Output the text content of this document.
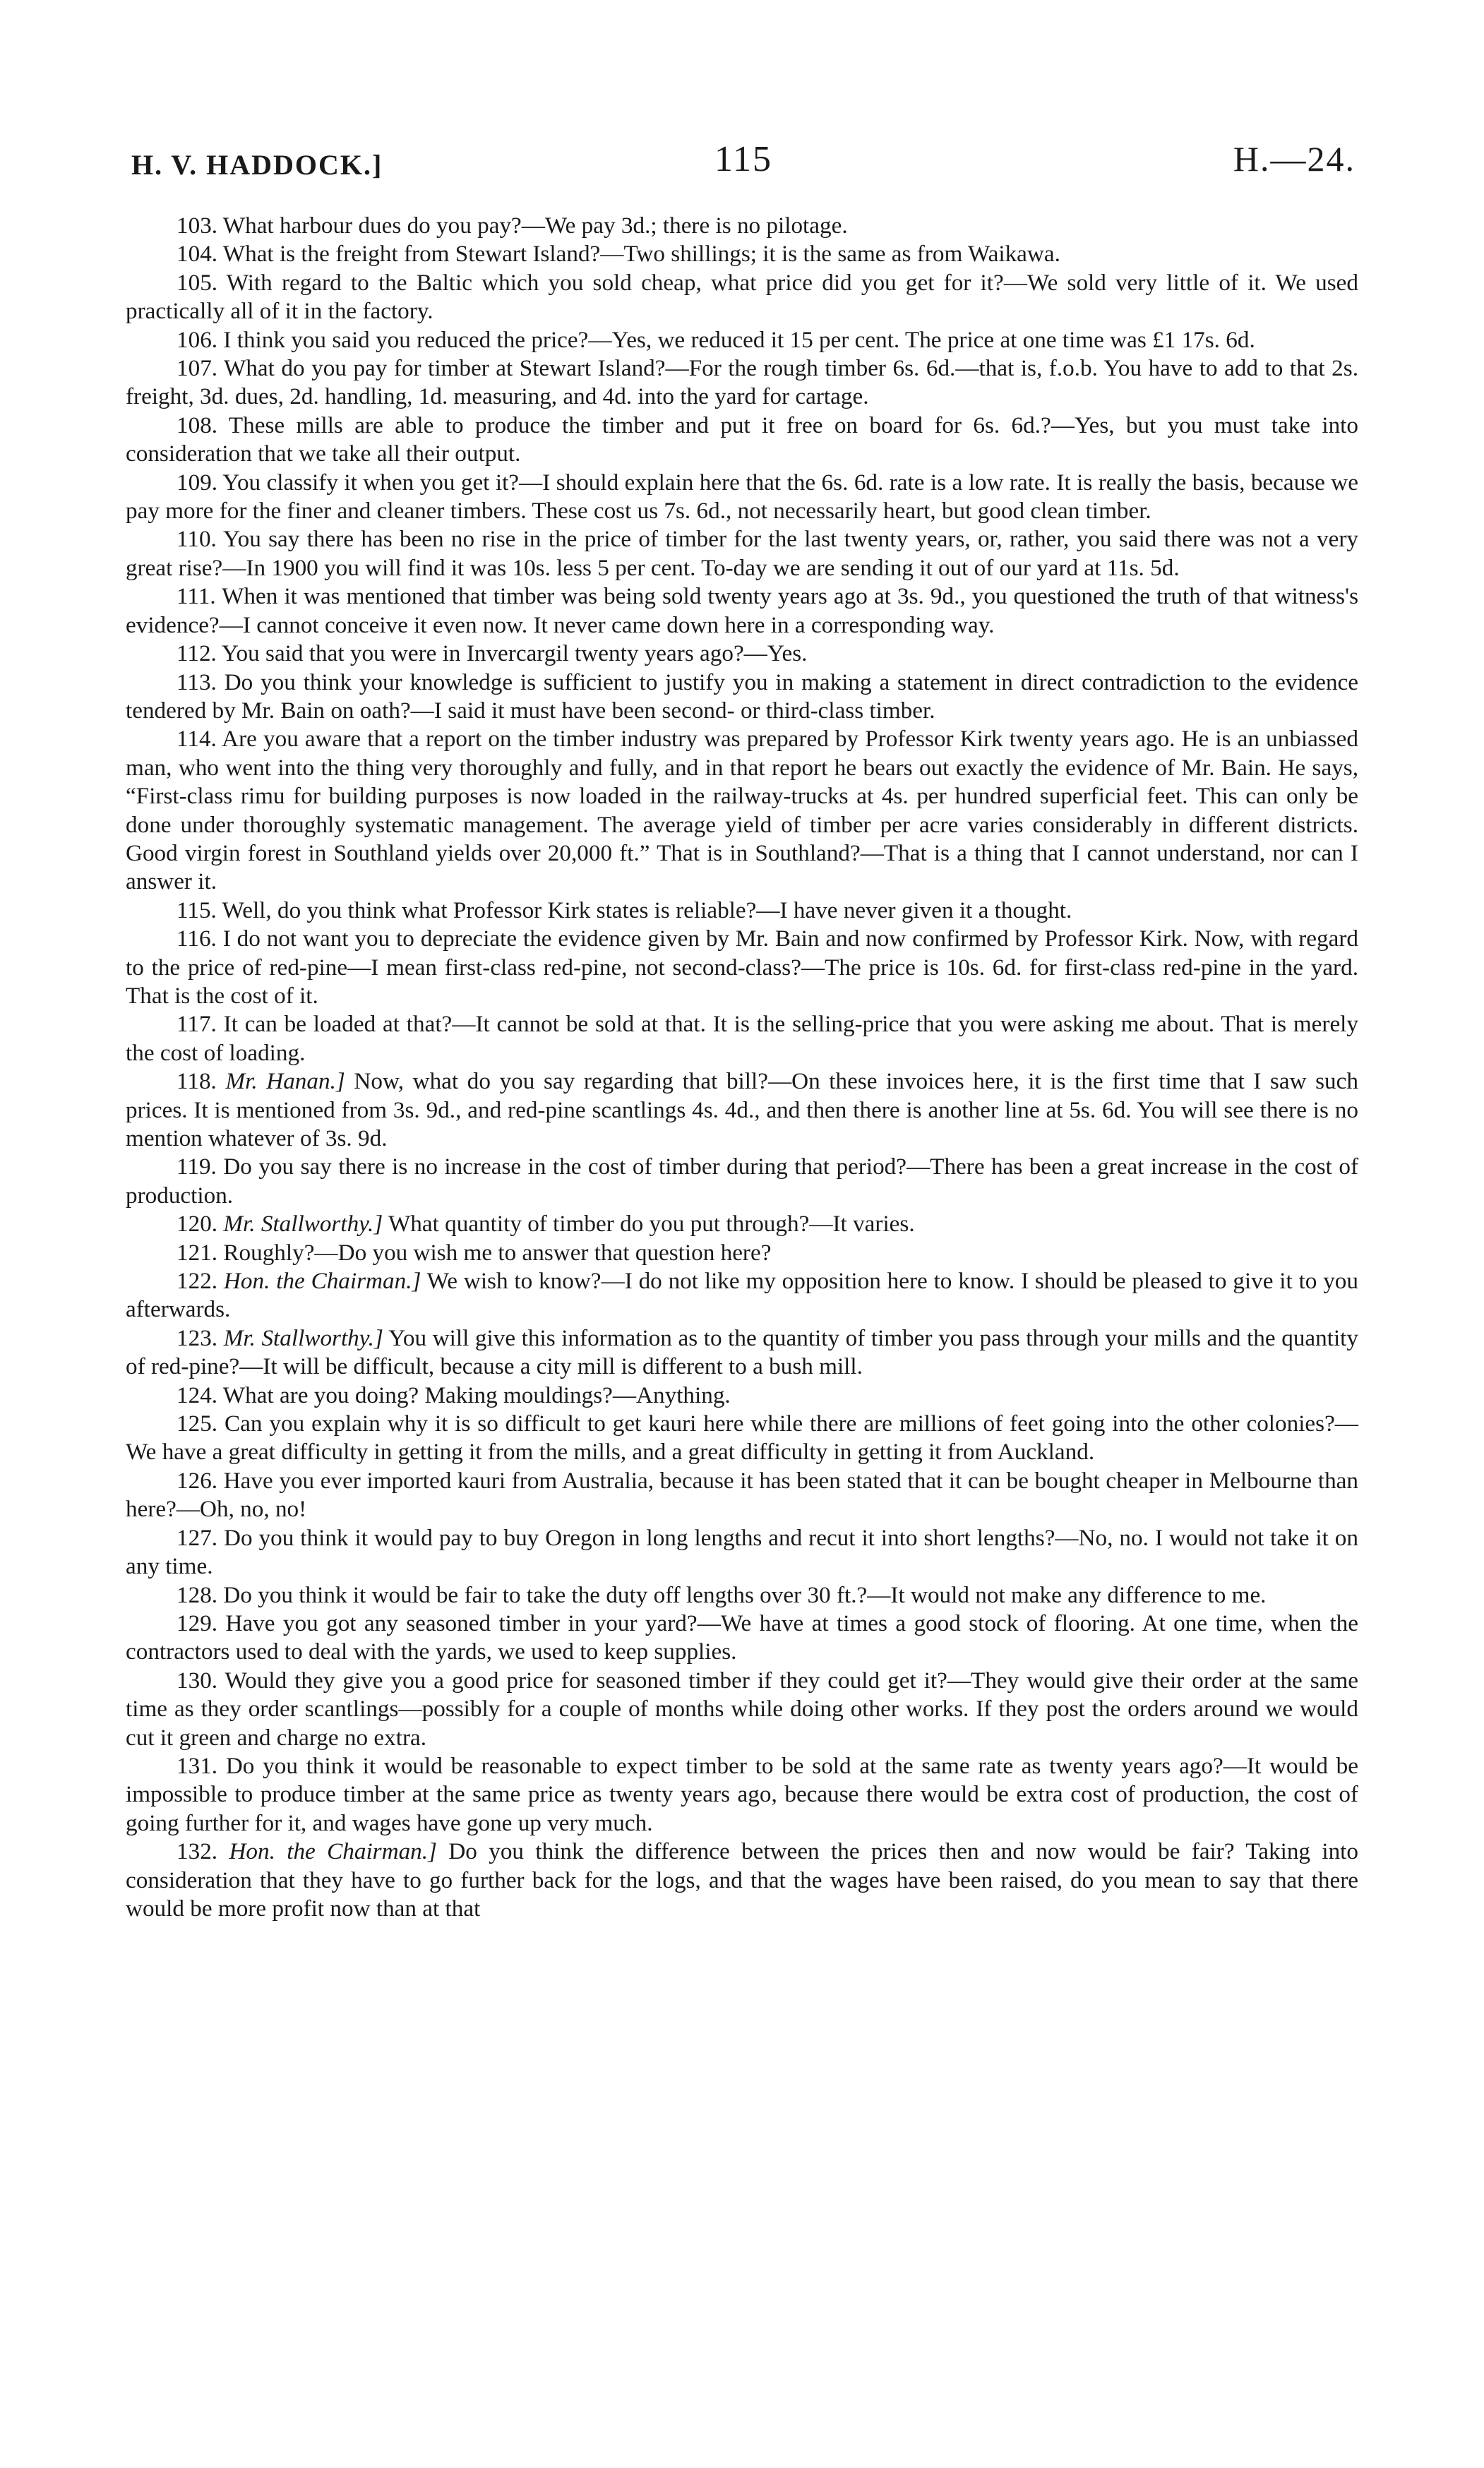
H. V. HADDOCK.]	115	H.—24.

103. What harbour dues do you pay?—We pay 3d.; there is no pilotage.

104. What is the freight from Stewart Island?—Two shillings; it is the same as from Waikawa.

105. With regard to the Baltic which you sold cheap, what price did you get for it?—We sold very little of it. We used practically all of it in the factory.

106. I think you said you reduced the price?—Yes, we reduced it 15 per cent. The price at one time was £1 17s. 6d.

107. What do you pay for timber at Stewart Island?—For the rough timber 6s. 6d.—that is, f.o.b. You have to add to that 2s. freight, 3d. dues, 2d. handling, 1d. measuring, and 4d. into the yard for cartage.

108. These mills are able to produce the timber and put it free on board for 6s. 6d.?—Yes, but you must take into consideration that we take all their output.

109. You classify it when you get it?—I should explain here that the 6s. 6d. rate is a low rate. It is really the basis, because we pay more for the finer and cleaner timbers. These cost us 7s. 6d., not necessarily heart, but good clean timber.

110. You say there has been no rise in the price of timber for the last twenty years, or, rather, you said there was not a very great rise?—In 1900 you will find it was 10s. less 5 per cent. To-day we are sending it out of our yard at 11s. 5d.

111. When it was mentioned that timber was being sold twenty years ago at 3s. 9d., you questioned the truth of that witness's evidence?—I cannot conceive it even now. It never came down here in a corresponding way.

112. You said that you were in Invercargil twenty years ago?—Yes.

113. Do you think your knowledge is sufficient to justify you in making a statement in direct contradiction to the evidence tendered by Mr. Bain on oath?—I said it must have been second- or third-class timber.

114. Are you aware that a report on the timber industry was prepared by Professor Kirk twenty years ago. He is an unbiassed man, who went into the thing very thoroughly and fully, and in that report he bears out exactly the evidence of Mr. Bain. He says, “First-class rimu for building purposes is now loaded in the railway-trucks at 4s. per hundred superficial feet. This can only be done under thoroughly systematic management. The average yield of timber per acre varies considerably in different districts. Good virgin forest in Southland yields over 20,000 ft.” That is in Southland?—That is a thing that I cannot understand, nor can I answer it.

115. Well, do you think what Professor Kirk states is reliable?—I have never given it a thought.

116. I do not want you to depreciate the evidence given by Mr. Bain and now confirmed by Professor Kirk. Now, with regard to the price of red-pine—I mean first-class red-pine, not second-class?—The price is 10s. 6d. for first-class red-pine in the yard. That is the cost of it.

117. It can be loaded at that?—It cannot be sold at that. It is the selling-price that you were asking me about. That is merely the cost of loading.

118. Mr. Hanan.] Now, what do you say regarding that bill?—On these invoices here, it is the first time that I saw such prices. It is mentioned from 3s. 9d., and red-pine scantlings 4s. 4d., and then there is another line at 5s. 6d. You will see there is no mention whatever of 3s. 9d.

119. Do you say there is no increase in the cost of timber during that period?—There has been a great increase in the cost of production.

120. Mr. Stallworthy.] What quantity of timber do you put through?—It varies.

121. Roughly?—Do you wish me to answer that question here?

122. Hon. the Chairman.] We wish to know?—I do not like my opposition here to know. I should be pleased to give it to you afterwards.

123. Mr. Stallworthy.] You will give this information as to the quantity of timber you pass through your mills and the quantity of red-pine?—It will be difficult, because a city mill is different to a bush mill.

124. What are you doing? Making mouldings?—Anything.

125. Can you explain why it is so difficult to get kauri here while there are millions of feet going into the other colonies?—We have a great difficulty in getting it from the mills, and a great difficulty in getting it from Auckland.

126. Have you ever imported kauri from Australia, because it has been stated that it can be bought cheaper in Melbourne than here?—Oh, no, no!

127. Do you think it would pay to buy Oregon in long lengths and recut it into short lengths?—No, no. I would not take it on any time.

128. Do you think it would be fair to take the duty off lengths over 30 ft.?—It would not make any difference to me.

129. Have you got any seasoned timber in your yard?—We have at times a good stock of flooring. At one time, when the contractors used to deal with the yards, we used to keep supplies.

130. Would they give you a good price for seasoned timber if they could get it?—They would give their order at the same time as they order scantlings—possibly for a couple of months while doing other works. If they post the orders around we would cut it green and charge no extra.

131. Do you think it would be reasonable to expect timber to be sold at the same rate as twenty years ago?—It would be impossible to produce timber at the same price as twenty years ago, because there would be extra cost of production, the cost of going further for it, and wages have gone up very much.

132. Hon. the Chairman.] Do you think the difference between the prices then and now would be fair? Taking into consideration that they have to go further back for the logs, and that the wages have been raised, do you mean to say that there would be more profit now than at that
